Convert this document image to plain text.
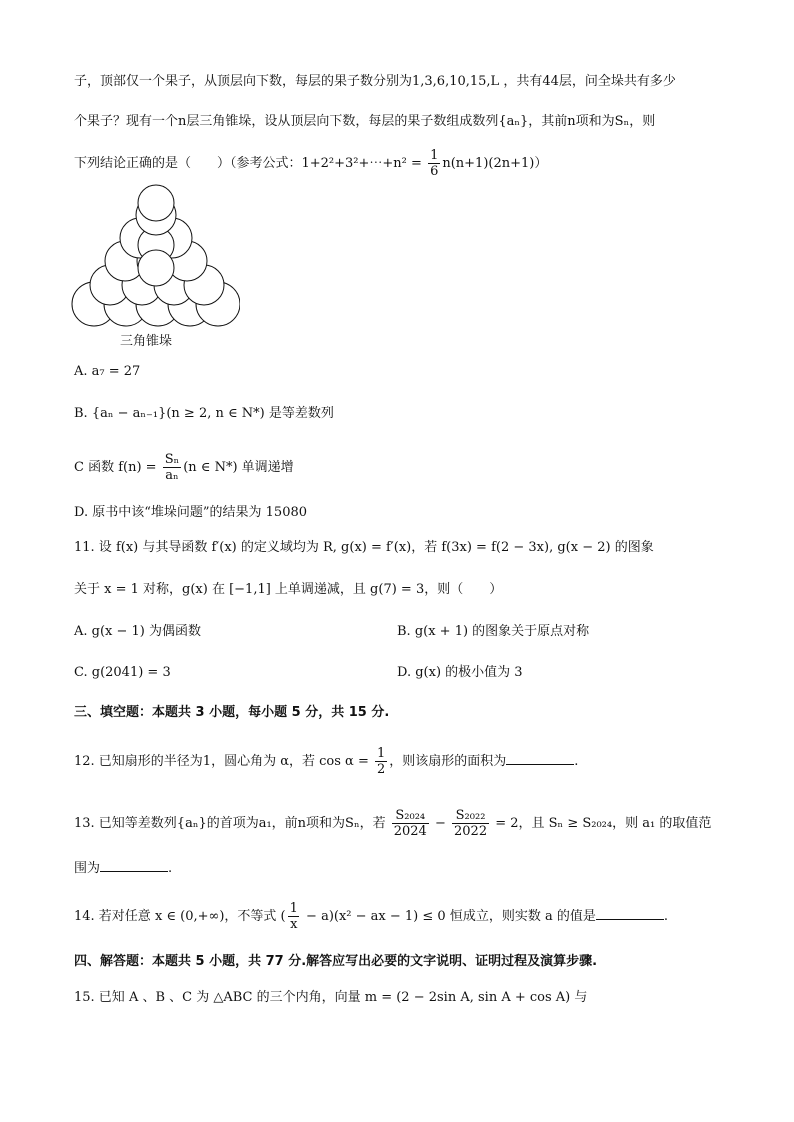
子，顶部仅一个果子，从顶层向下数，每层的果子数分别为1,3,6,10,15,L ，共有44层，问全垛共有多少
个果子？现有一个n层三角锥垛，设从顶层向下数，每层的果子数组成数列{aₙ}，其前n项和为Sₙ，则
下列结论正确的是（　　）（参考公式：1+2²+3²+⋯+n² = $\frac{1}{6} n(n+1)(2n+1)$）
三角锥垛
A. a₇ = 27
B. {aₙ − aₙ₋₁}(n ≥ 2, n ∈ N*) 是等差数列
C 函数 $f(n) = \frac{\text{Sₙ}}{\text{aₙ}} (n$ ∈ N*) 单调递增
D. 原书中该“堆垛问题”的结果为 15080
11. 设 f(x) 与其导函数 f′(x) 的定义域均为 R, g(x) = f′(x)，若 f(3x) = f(2 − 3x), g(x − 2) 的图象
关于 x = 1 对称，g(x) 在 [−1,1] 上单调递减，且 g(7) = 3，则（　　）
A. g(x − 1) 为偶函数	B. g(x + 1) 的图象关于原点对称
C. g(2041) = 3	D. g(x) 的极小值为 3
三、填空题：本题共 3 小题，每小题 5 分，共 15 分.
12. 已知扇形的半径为1，圆心角为 α，若 $\cos \alpha = \frac{1}{2}$ ，则该扇形的面积为	.
13. 已知等差数列{aₙ}的首项为a₁，前n项和为Sₙ，若 $\frac{\text{S₂₀₂₄}}{2024} - \frac{\text{S₂₀₂₂}}{2022} = 2$，且 Sₙ ≥ S₂₀₂₄，则 a₁ 的取值范
围为	.
14. 若对任意 x ∈ (0,+∞)，不等式 ( $\frac{1}{x} - a)(x^2$ − ax − 1) ≤ 0 恒成立，则实数 a 的值是	.
四、解答题：本题共 5 小题，共 77 分.解答应写出必要的文字说明、证明过程及演算步骤.
15. 已知 A 、B 、C 为 △ABC 的三个内角，向量 m = (2 − 2sin A, sin A + cos A) 与
